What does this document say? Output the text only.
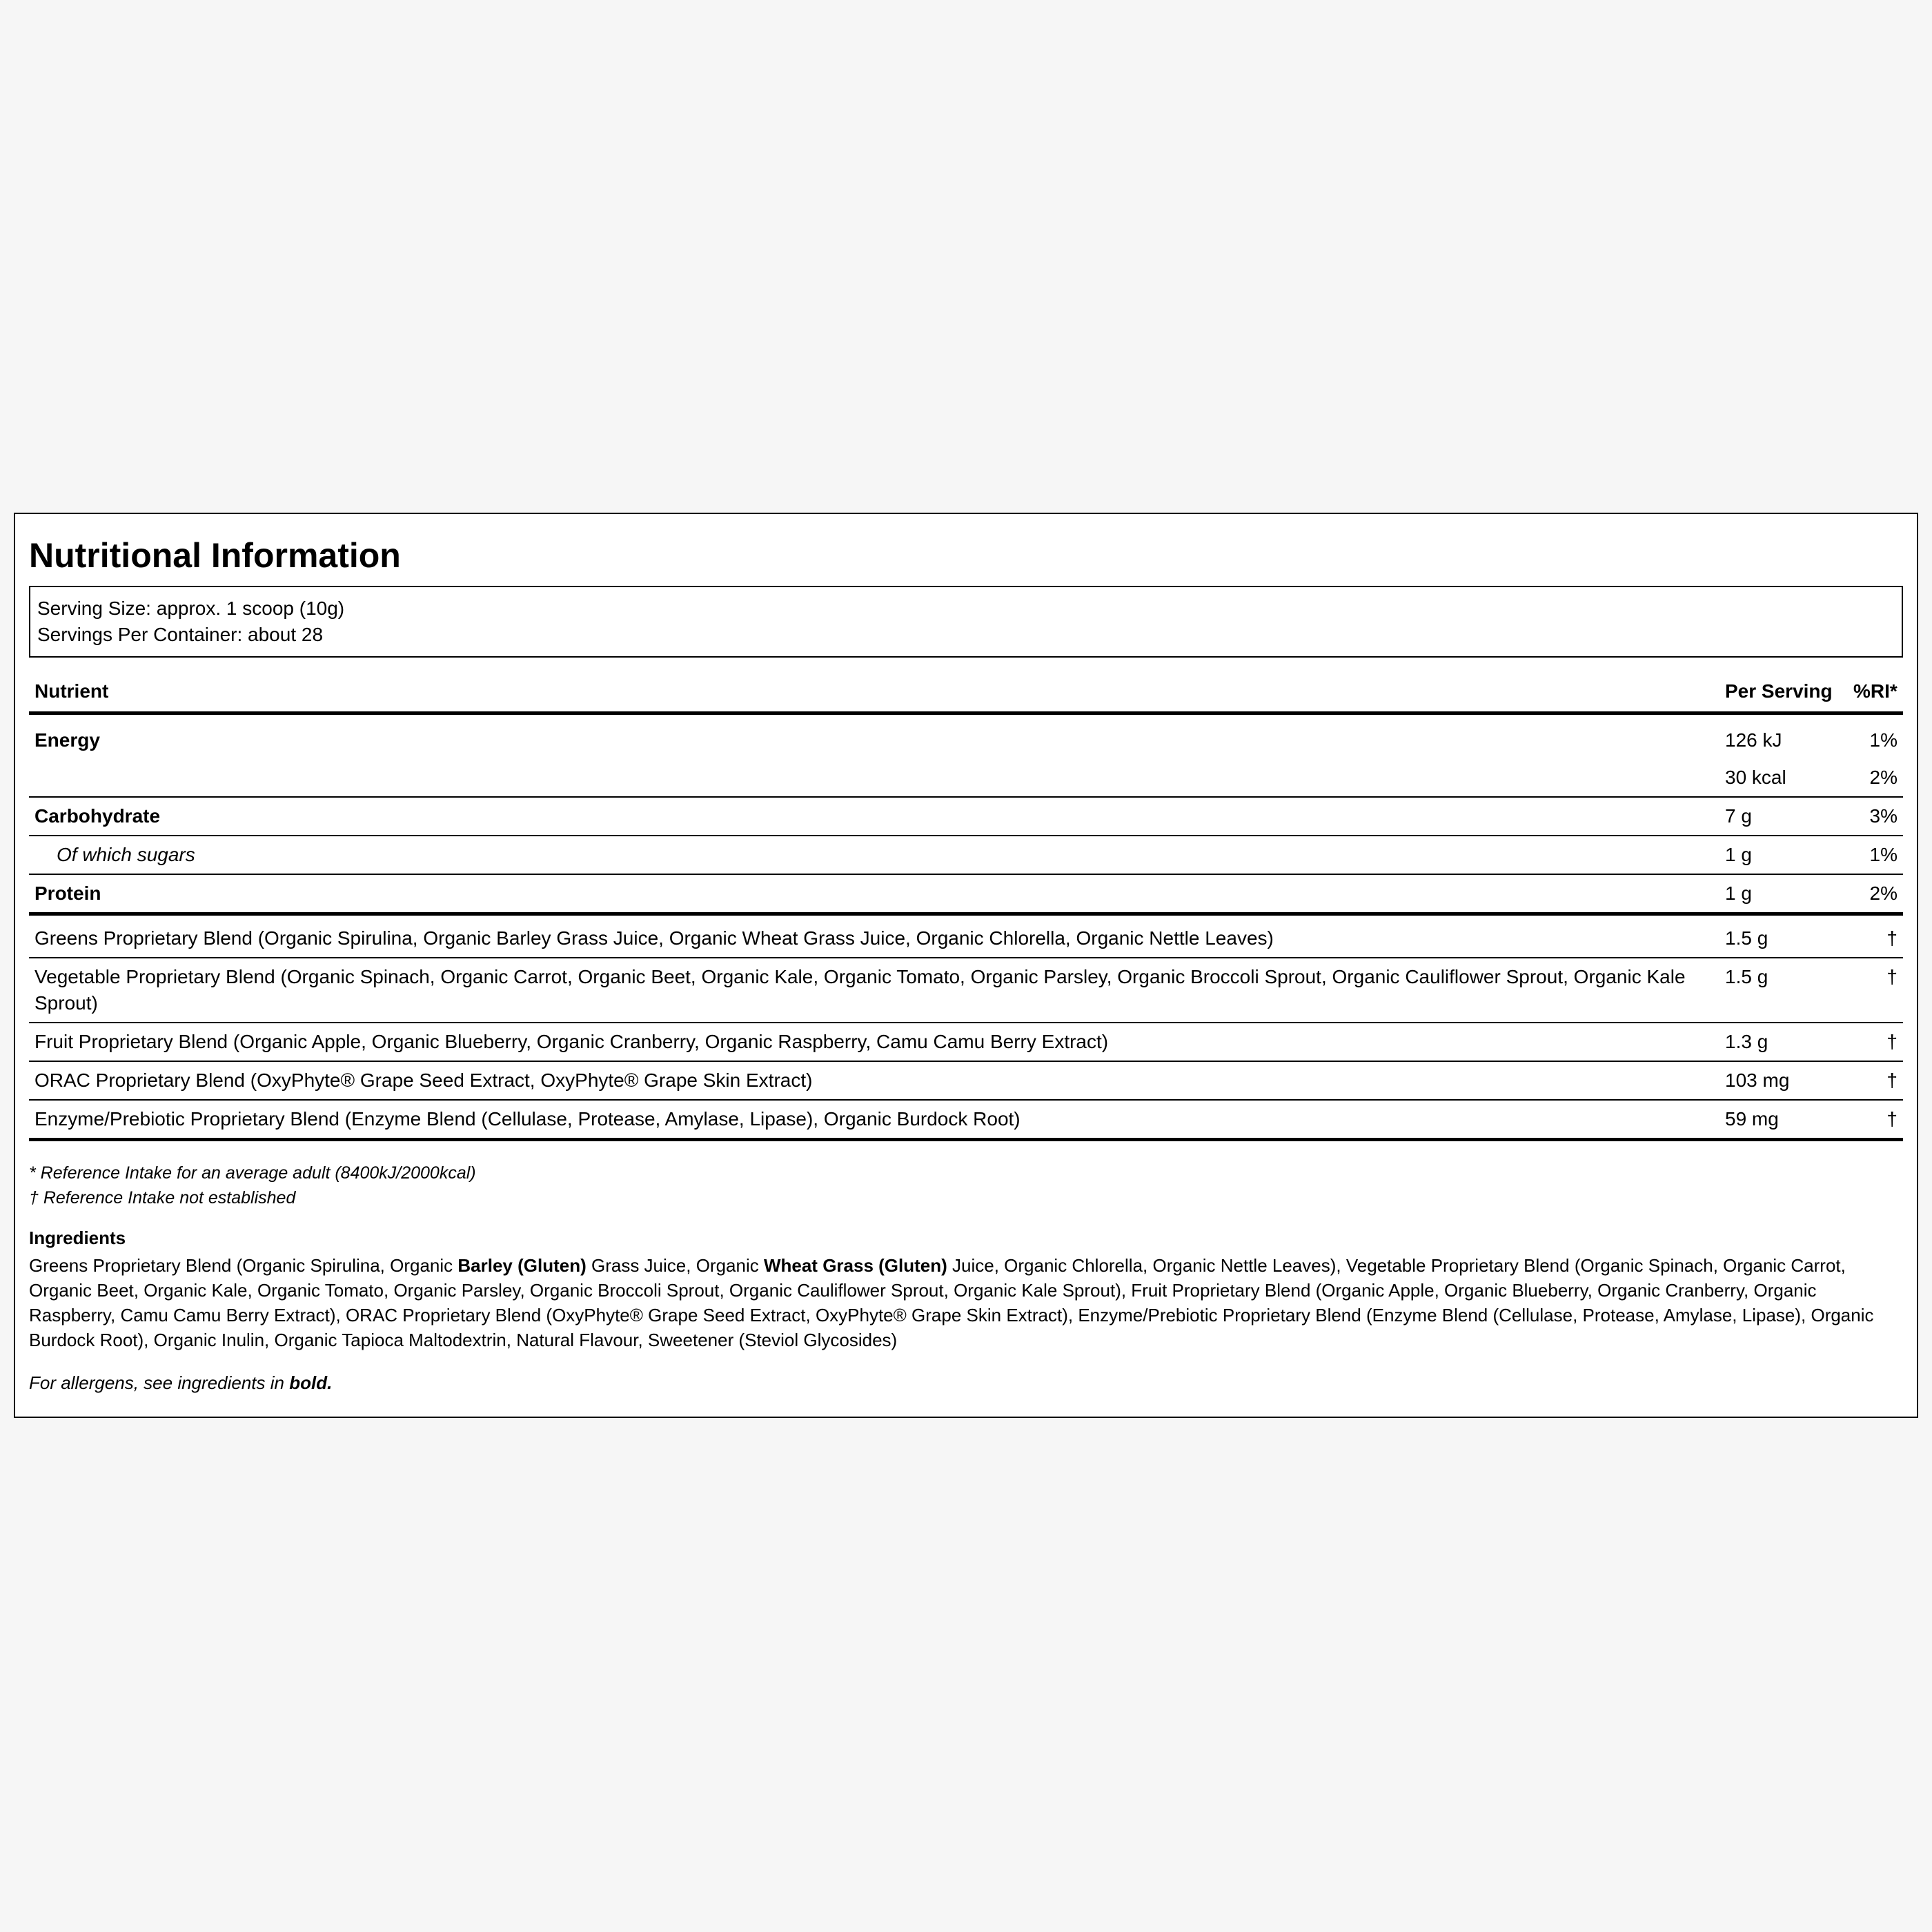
Nutritional Information
Serving Size: approx. 1 scoop (10g)
Servings Per Container: about 28
Nutrient	Per Serving	%RI*
Energy	126 kJ	1%
	30 kcal	2%
Carbohydrate	7 g	3%
Of which sugars	1 g	1%
Protein	1 g	2%
Greens Proprietary Blend (Organic Spirulina, Organic Barley Grass Juice, Organic Wheat Grass Juice, Organic Chlorella, Organic Nettle Leaves)	1.5 g	†
Vegetable Proprietary Blend (Organic Spinach, Organic Carrot, Organic Beet, Organic Kale, Organic Tomato, Organic Parsley, Organic Broccoli Sprout, Organic Cauliflower Sprout, Organic Kale Sprout)	1.5 g	†
Fruit Proprietary Blend (Organic Apple, Organic Blueberry, Organic Cranberry, Organic Raspberry, Camu Camu Berry Extract)	1.3 g	†
ORAC Proprietary Blend (OxyPhyte® Grape Seed Extract, OxyPhyte® Grape Skin Extract)	103 mg	†
Enzyme/Prebiotic Proprietary Blend (Enzyme Blend (Cellulase, Protease, Amylase, Lipase), Organic Burdock Root)	59 mg	†
* Reference Intake for an average adult (8400kJ/2000kcal)
† Reference Intake not established
Ingredients
Greens Proprietary Blend (Organic Spirulina, Organic Barley (Gluten) Grass Juice, Organic Wheat Grass (Gluten) Juice, Organic Chlorella, Organic Nettle Leaves), Vegetable Proprietary Blend (Organic Spinach, Organic Carrot, Organic Beet, Organic Kale, Organic Tomato, Organic Parsley, Organic Broccoli Sprout, Organic Cauliflower Sprout, Organic Kale Sprout), Fruit Proprietary Blend (Organic Apple, Organic Blueberry, Organic Cranberry, Organic Raspberry, Camu Camu Berry Extract), ORAC Proprietary Blend (OxyPhyte® Grape Seed Extract, OxyPhyte® Grape Skin Extract), Enzyme/Prebiotic Proprietary Blend (Enzyme Blend (Cellulase, Protease, Amylase, Lipase), Organic Burdock Root), Organic Inulin, Organic Tapioca Maltodextrin, Natural Flavour, Sweetener (Steviol Glycosides)
For allergens, see ingredients in bold.
